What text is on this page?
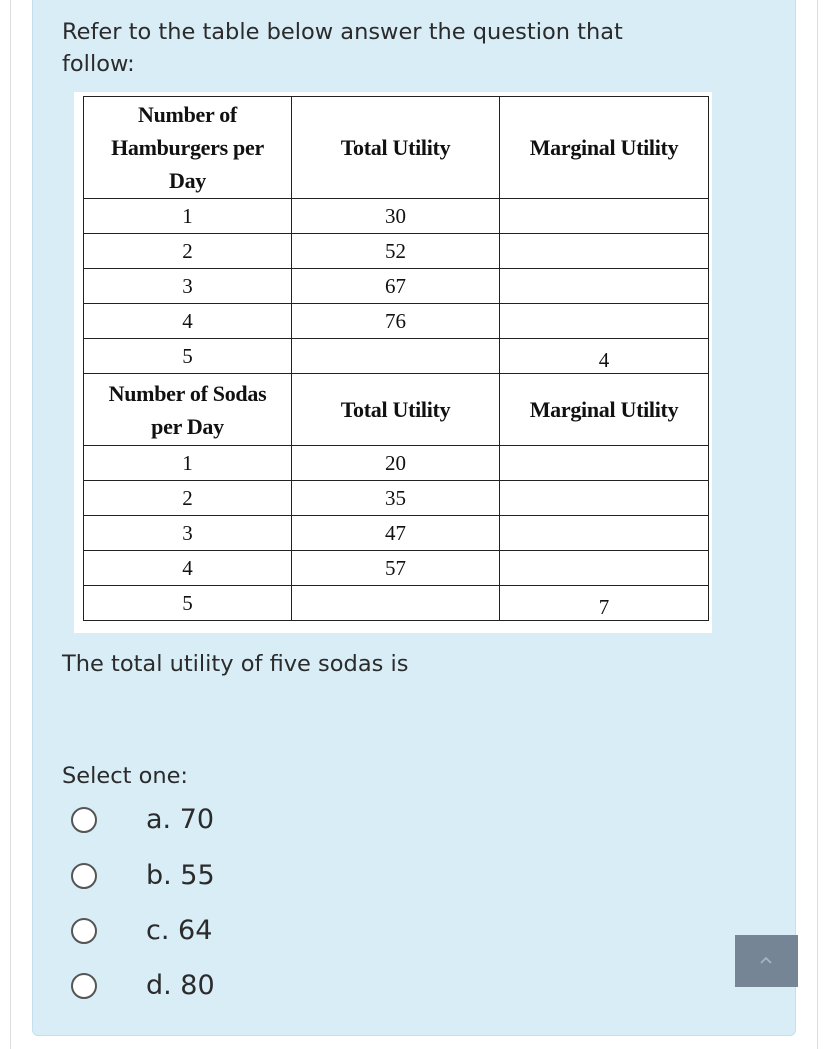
Refer to the table below answer the question that follow:
Number of Hamburgers per Day	Total Utility	Marginal Utility
1	30	
2	52	
3	67	
4	76	
5		4
Number of Sodas per Day	Total Utility	Marginal Utility
1	20	
2	35	
3	47	
4	57	
5		7
The total utility of five sodas is
Select one:
a. 70
b. 55
c. 64
d. 80
